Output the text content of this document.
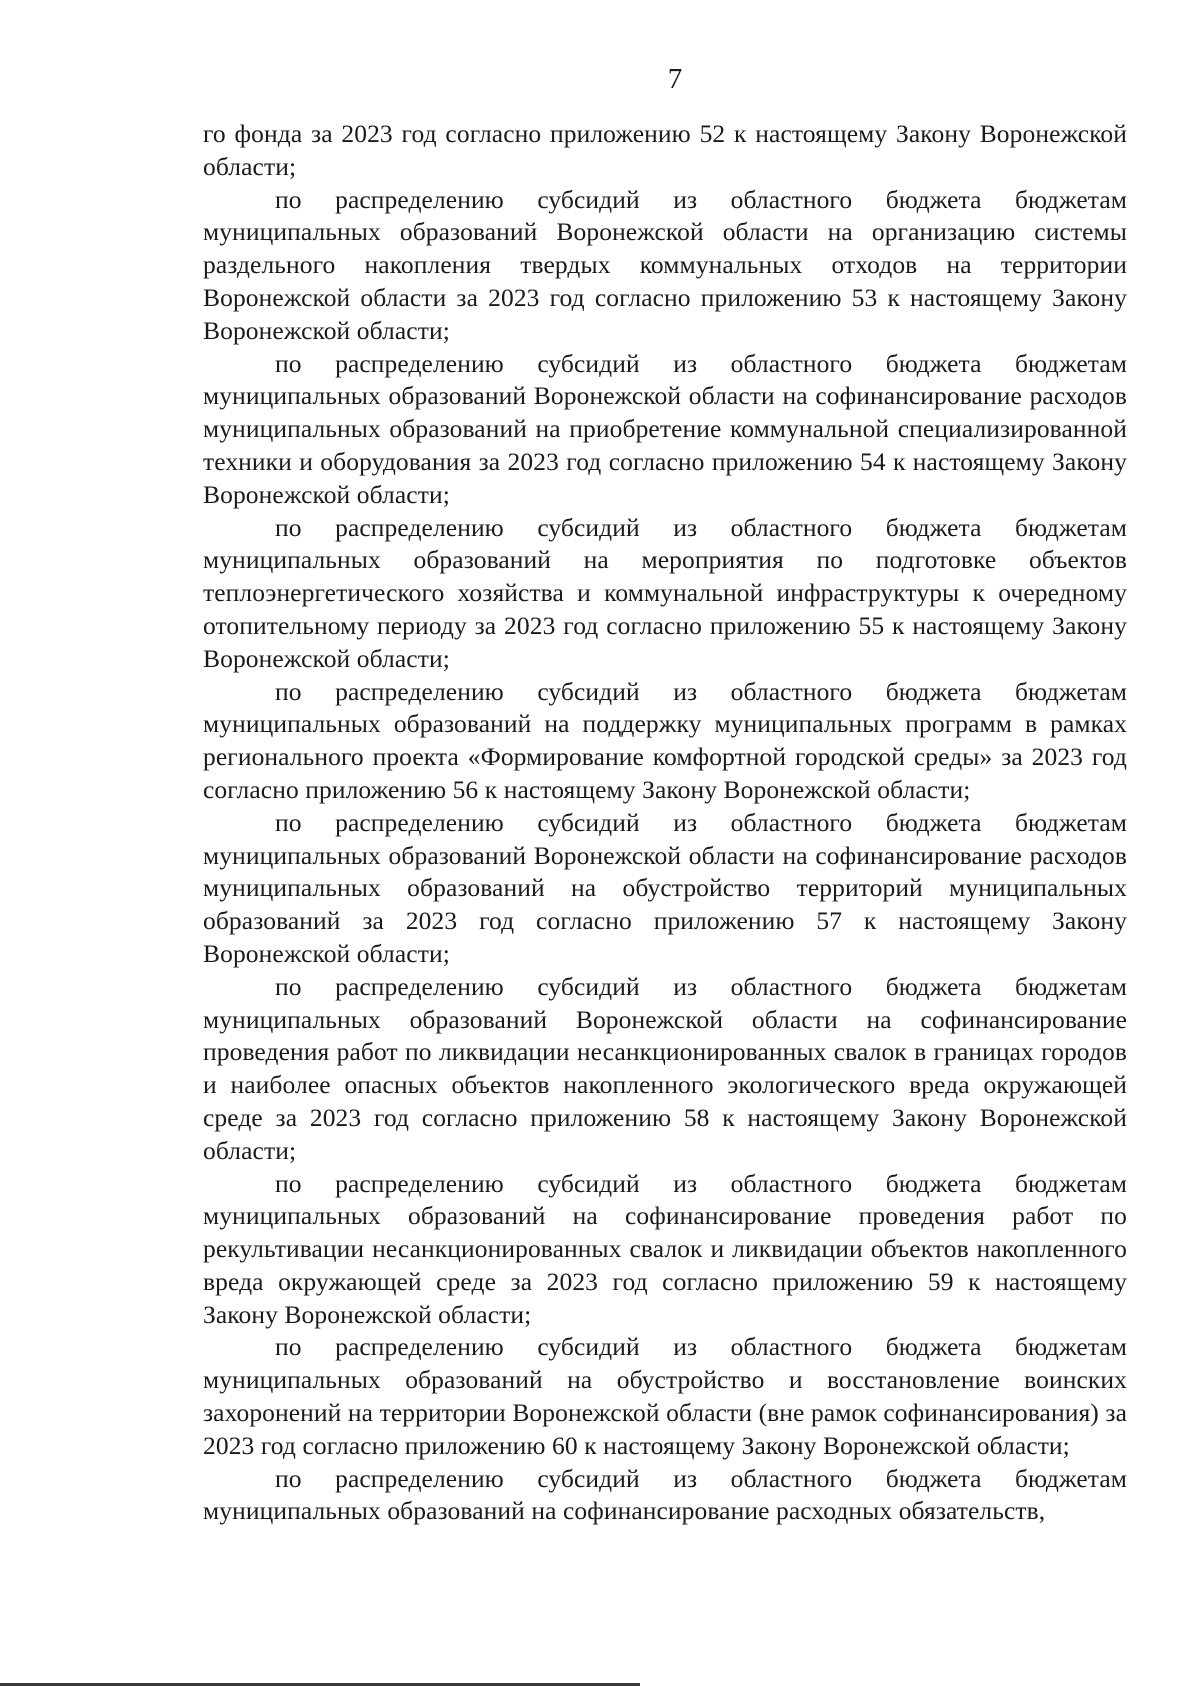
7

го фонда за 2023 год согласно приложению 52 к настоящему Закону Воронежской области;

по распределению субсидий из областного бюджета бюджетам муниципальных образований Воронежской области на организацию системы раздельного накопления твердых коммунальных отходов на территории Воронежской области за 2023 год согласно приложению 53 к настоящему Закону Воронежской области;

по распределению субсидий из областного бюджета бюджетам муниципальных образований Воронежской области на софинансирование расходов муниципальных образований на приобретение коммунальной специализированной техники и оборудования за 2023 год согласно приложению 54 к настоящему Закону Воронежской области;

по распределению субсидий из областного бюджета бюджетам муниципальных образований на мероприятия по подготовке объектов теплоэнергетического хозяйства и коммунальной инфраструктуры к очередному отопительному периоду за 2023 год согласно приложению 55 к настоящему Закону Воронежской области;

по распределению субсидий из областного бюджета бюджетам муниципальных образований на поддержку муниципальных программ в рамках регионального проекта «Формирование комфортной городской среды» за 2023 год согласно приложению 56 к настоящему Закону Воронежской области;

по распределению субсидий из областного бюджета бюджетам муниципальных образований Воронежской области на софинансирование расходов муниципальных образований на обустройство территорий муниципальных образований за 2023 год согласно приложению 57 к настоящему Закону Воронежской области;

по распределению субсидий из областного бюджета бюджетам муниципальных образований Воронежской области на софинансирование проведения работ по ликвидации несанкционированных свалок в границах городов и наиболее опасных объектов накопленного экологического вреда окружающей среде за 2023 год согласно приложению 58 к настоящему Закону Воронежской области;

по распределению субсидий из областного бюджета бюджетам муниципальных образований на софинансирование проведения работ по рекультивации несанкционированных свалок и ликвидации объектов накопленного вреда окружающей среде за 2023 год согласно приложению 59 к настоящему Закону Воронежской области;

по распределению субсидий из областного бюджета бюджетам муниципальных образований на обустройство и восстановление воинских захоронений на территории Воронежской области (вне рамок софинансирования) за 2023 год согласно приложению 60 к настоящему Закону Воронежской области;

по распределению субсидий из областного бюджета бюджетам муниципальных образований на софинансирование расходных обязательств,
